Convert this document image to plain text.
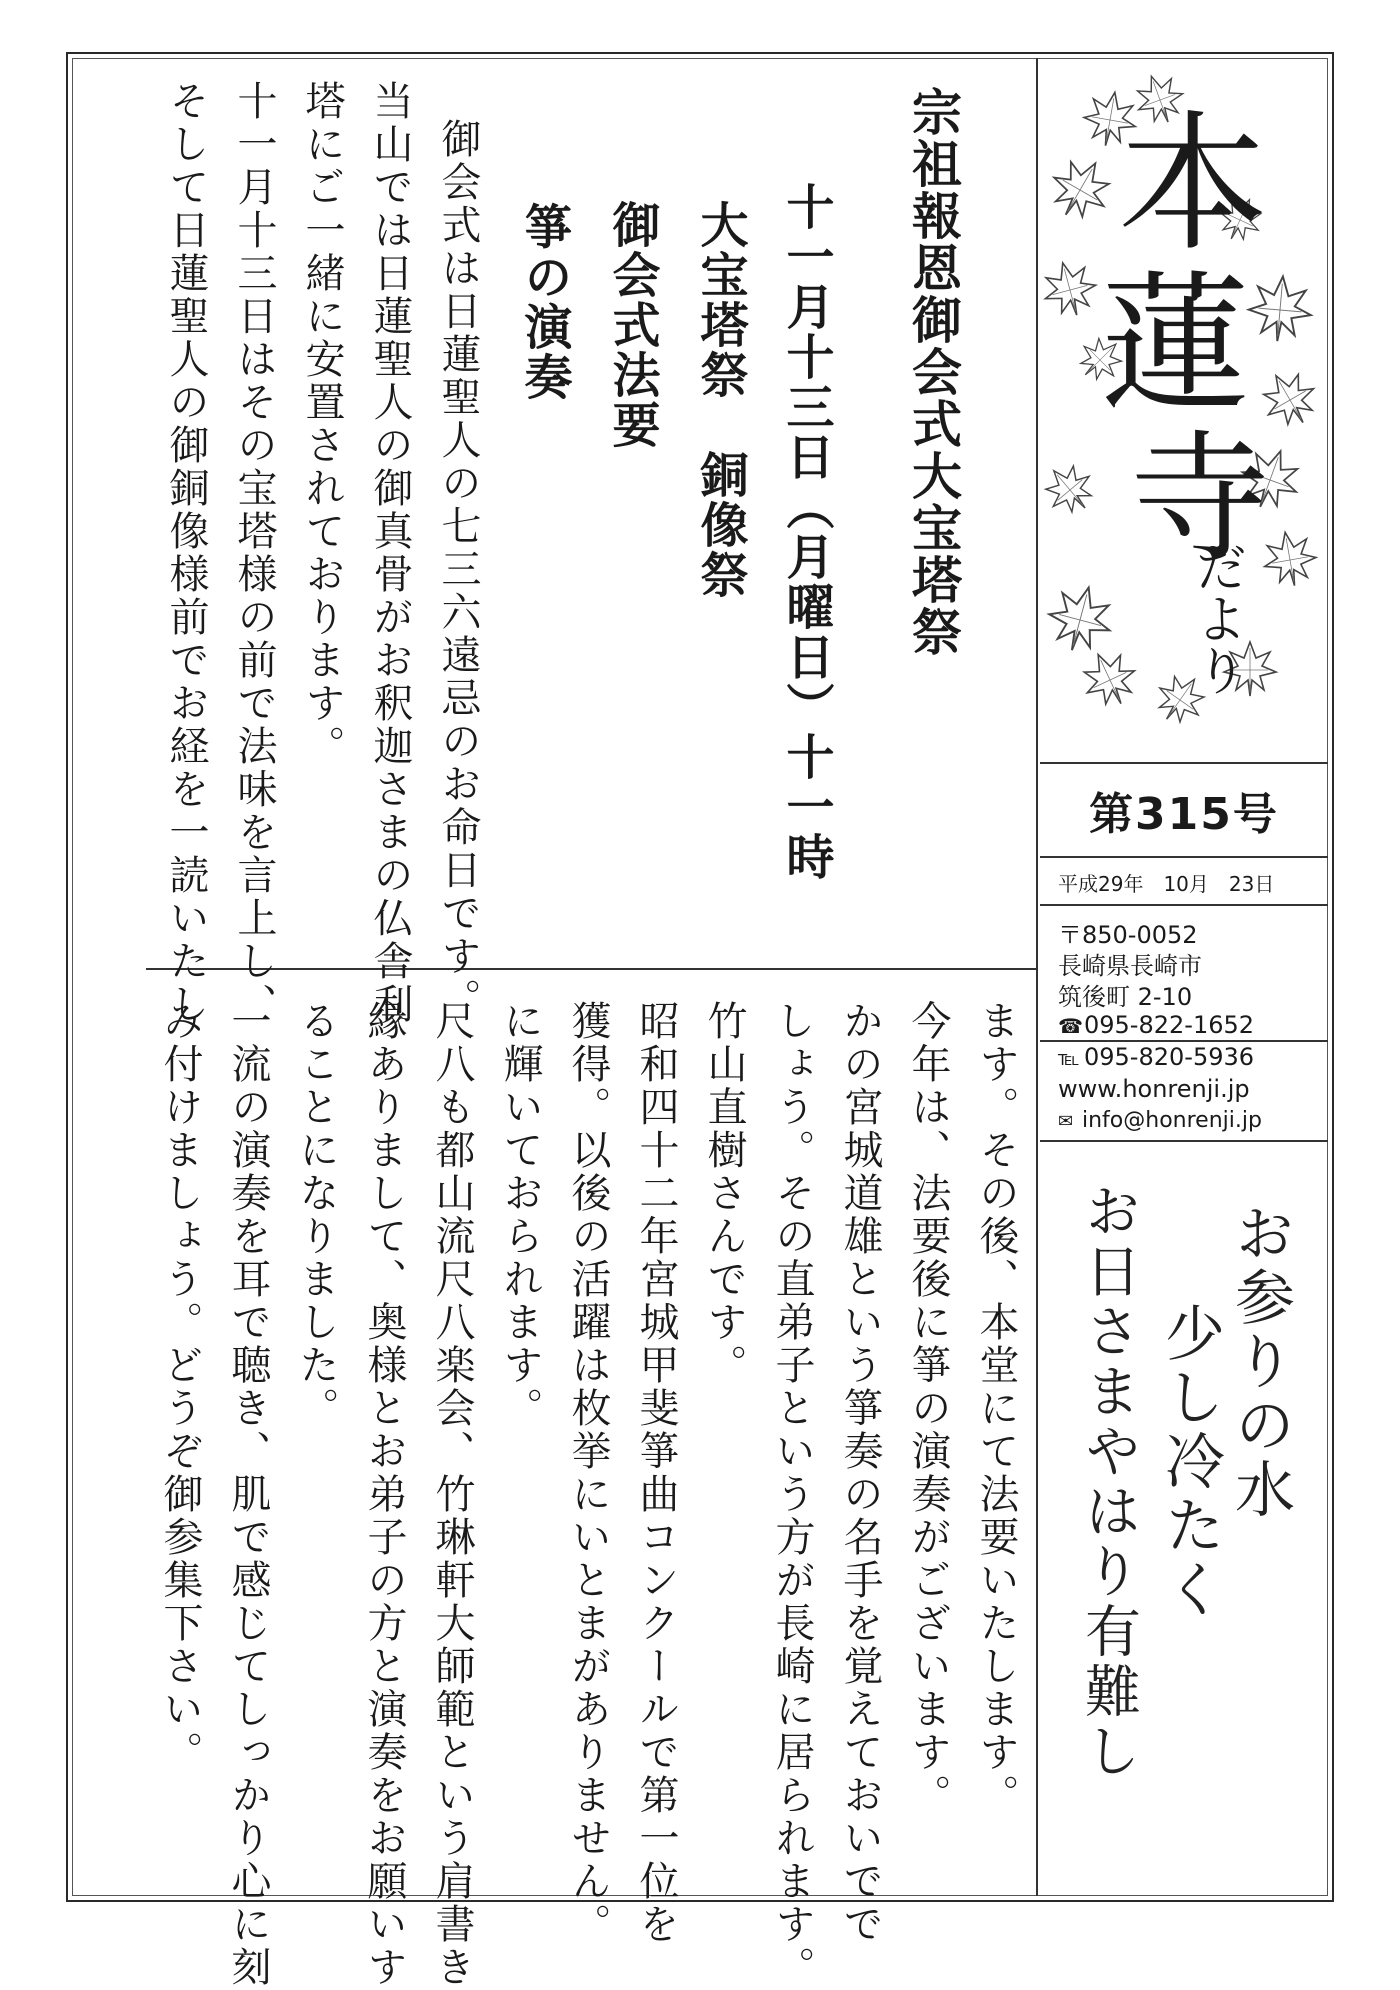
宗祖報恩御会式大宝塔祭
十一月十三日（月曜日）十一時
大宝塔祭　銅像祭
御会式法要
箏の演奏
御会式は日蓮聖人の七三六遠忌のお命日です。
当山では日蓮聖人の御真骨がお釈迦さまの仏舎利
塔にご一緒に安置されております。
十一月十三日はその宝塔様の前で法味を言上し、
そして日蓮聖人の御銅像様前でお経を一読いたし
ます。その後、本堂にて法要いたします。
今年は、法要後に箏の演奏がございます。
かの宮城道雄という箏奏の名手を覚えておいでで
しょう。その直弟子という方が長崎に居られます。
竹山直樹さんです。
昭和四十二年宮城甲斐箏曲コンクールで第一位を
獲得。以後の活躍は枚挙にいとまがありません。
に輝いておられます。
尺八も都山流尺八楽会、竹琳軒大師範という肩書き
縁ありまして、奥様とお弟子の方と演奏をお願いす
ることになりました。
一流の演奏を耳で聴き、肌で感じてしっかり心に刻
み付けましょう。どうぞ御参集下さい。
本
蓮
寺
だより
第315号
平成29年　10月　23日
〒850-0052
長崎県長崎市
筑後町 2-10
☎095-822-1652
℡ 095-820-5936
www.honrenji.jp
✉ info@honrenji.jp
お参りの水
少し冷たく
お日さまやはり有難し
